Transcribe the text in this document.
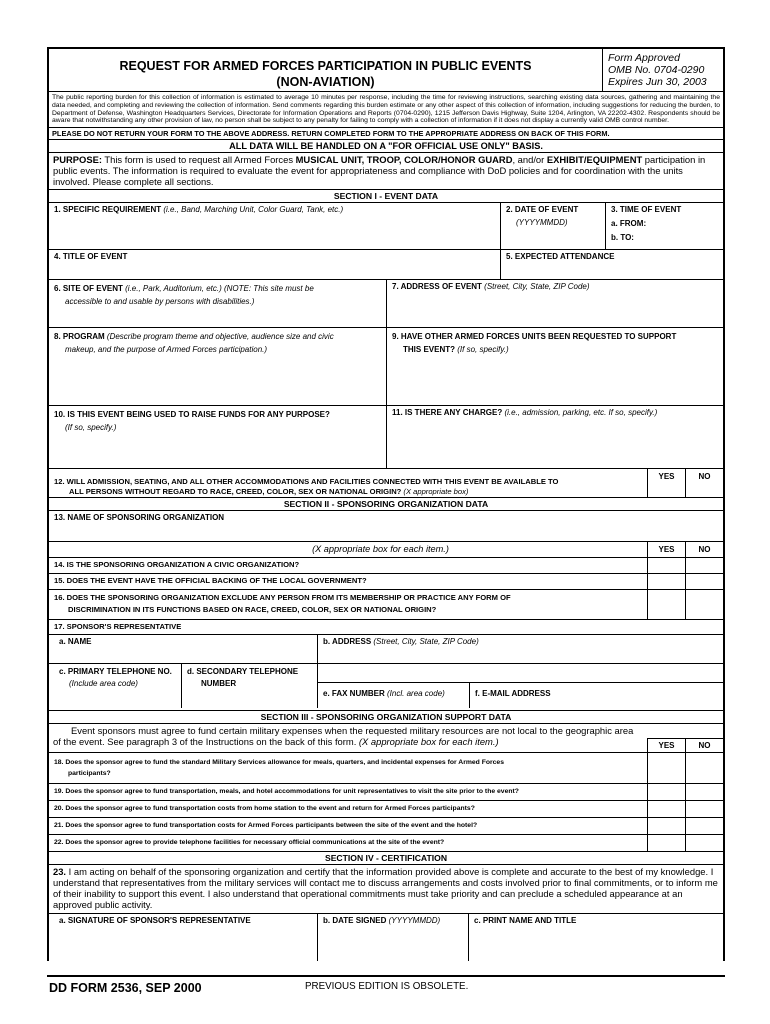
REQUEST FOR ARMED FORCES PARTICIPATION IN PUBLIC EVENTS
(NON-AVIATION)
Form Approved
OMB No. 0704-0290
Expires Jun 30, 2003
The public reporting burden for this collection of information is estimated to average 10 minutes per response, including the time for reviewing instructions, searching existing data sources, gathering and maintaining the data needed, and completing and reviewing the collection of information. Send comments regarding this burden estimate or any other aspect of this collection of information, including suggestions for reducing the burden, to Department of Defense, Washington Headquarters Services, Directorate for Information Operations and Reports (0704-0290), 1215 Jefferson Davis Highway, Suite 1204, Arlington, VA 22202-4302. Respondents should be aware that notwithstanding any other provision of law, no person shall be subject to any penalty for failing to comply with a collection of information if it does not display a currently valid OMB control number.
PLEASE DO NOT RETURN YOUR FORM TO THE ABOVE ADDRESS. RETURN COMPLETED FORM TO THE APPROPRIATE ADDRESS ON BACK OF THIS FORM.
ALL DATA WILL BE HANDLED ON A "FOR OFFICIAL USE ONLY" BASIS.
PURPOSE: This form is used to request all Armed Forces MUSICAL UNIT, TROOP, COLOR/HONOR GUARD, and/or EXHIBIT/EQUIPMENT participation in public events. The information is required to evaluate the event for appropriateness and compliance with DoD policies and for coordination with the units involved. Please complete all sections.
SECTION I - EVENT DATA
1. SPECIFIC REQUIREMENT (i.e., Band, Marching Unit, Color Guard, Tank, etc.)	2. DATE OF EVENT
(YYYYMMDD)
3. TIME OF EVENT
a. FROM:
b. TO:
4. TITLE OF EVENT	5. EXPECTED ATTENDANCE
6. SITE OF EVENT (i.e., Park, Auditorium, etc.) (NOTE: This site must be
accessible to and usable by persons with disabilities.)
7. ADDRESS OF EVENT (Street, City, State, ZIP Code)
8. PROGRAM (Describe program theme and objective, audience size and civic
makeup, and the purpose of Armed Forces participation.)
9. HAVE OTHER ARMED FORCES UNITS BEEN REQUESTED TO SUPPORT
THIS EVENT? (If so, specify.)
10. IS THIS EVENT BEING USED TO RAISE FUNDS FOR ANY PURPOSE?
(If so, specify.)
11. IS THERE ANY CHARGE? (i.e., admission, parking, etc. If so, specify.)
12. WILL ADMISSION, SEATING, AND ALL OTHER ACCOMMODATIONS AND FACILITIES CONNECTED WITH THIS EVENT BE AVAILABLE TO
ALL PERSONS WITHOUT REGARD TO RACE, CREED, COLOR, SEX OR NATIONAL ORIGIN? (X appropriate box)
YES	NO
SECTION II - SPONSORING ORGANIZATION DATA
13. NAME OF SPONSORING ORGANIZATION
(X appropriate box for each item.)	YES	NO
14. IS THE SPONSORING ORGANIZATION A CIVIC ORGANIZATION?
15. DOES THE EVENT HAVE THE OFFICIAL BACKING OF THE LOCAL GOVERNMENT?
16. DOES THE SPONSORING ORGANIZATION EXCLUDE ANY PERSON FROM ITS MEMBERSHIP OR PRACTICE ANY FORM OF
DISCRIMINATION IN ITS FUNCTIONS BASED ON RACE, CREED, COLOR, SEX OR NATIONAL ORIGIN?
17. SPONSOR'S REPRESENTATIVE
a. NAME	b. ADDRESS (Street, City, State, ZIP Code)
c. PRIMARY TELEPHONE NO.
(Include area code)
d. SECONDARY TELEPHONE
NUMBER
e. FAX NUMBER (Incl. area code)	f. E-MAIL ADDRESS
SECTION III - SPONSORING ORGANIZATION SUPPORT DATA
Event sponsors must agree to fund certain military expenses when the requested military resources are not local to the geographic area of the event. See paragraph 3 of the Instructions on the back of this form. (X appropriate box for each item.)	YES	NO
18. Does the sponsor agree to fund the standard Military Services allowance for meals, quarters, and incidental expenses for Armed Forces
participants?
19. Does the sponsor agree to fund transportation, meals, and hotel accommodations for unit representatives to visit the site prior to the event?
20. Does the sponsor agree to fund transportation costs from home station to the event and return for Armed Forces participants?
21. Does the sponsor agree to fund transportation costs for Armed Forces participants between the site of the event and the hotel?
22. Does the sponsor agree to provide telephone facilities for necessary official communications at the site of the event?
SECTION IV - CERTIFICATION
23. I am acting on behalf of the sponsoring organization and certify that the information provided above is complete and accurate to the best of my knowledge. I understand that representatives from the military services will contact me to discuss arrangements and costs involved prior to final commitments, or to inform me of their inability to support this event. I also understand that operational commitments must take priority and can preclude a scheduled appearance at an approved public activity.
a. SIGNATURE OF SPONSOR'S REPRESENTATIVE	b. DATE SIGNED (YYYYMMDD)	c. PRINT NAME AND TITLE
DD FORM 2536, SEP 2000	PREVIOUS EDITION IS OBSOLETE.
